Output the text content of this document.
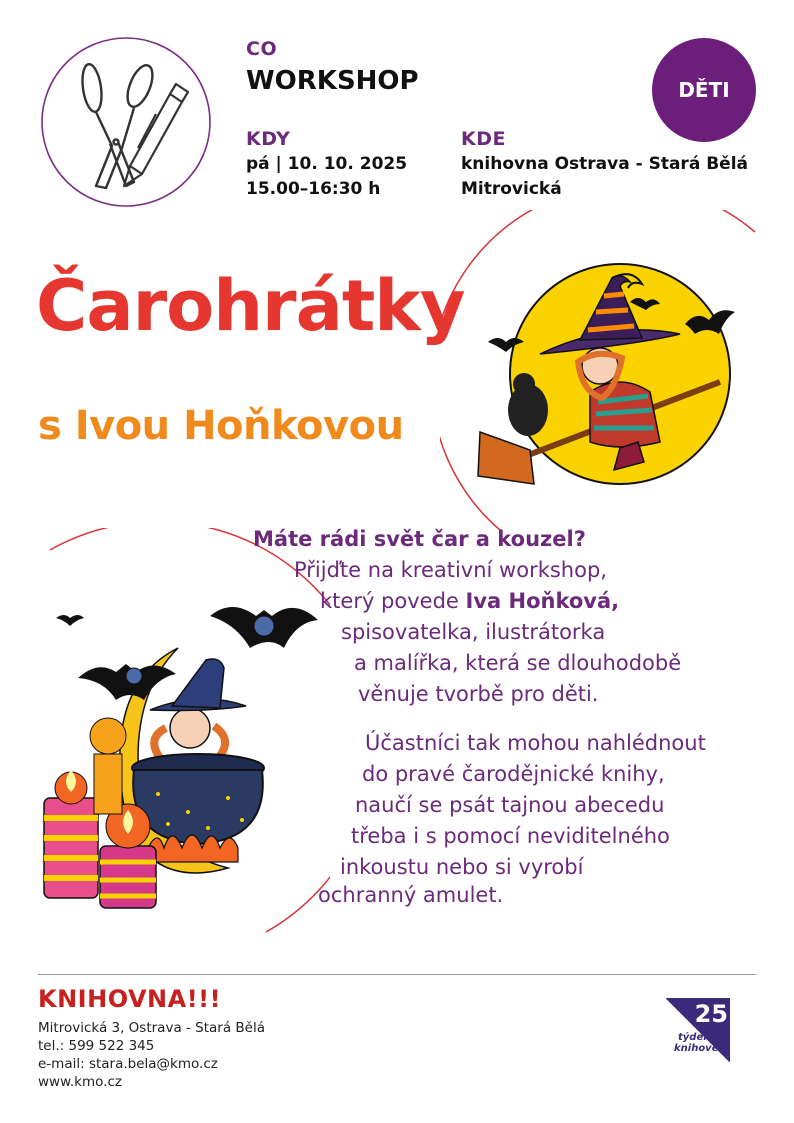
CO
WORKSHOP
KDY
pá | 10. 10. 2025
15.00–16:30 h
KDE
knihovna Ostrava - Stará Bělá
Mitrovická
DĚTI
Čarohrátky
s Ivou Hoňkovou
Máte rádi svět čar a kouzel?
Přijďte na kreativní workshop,
který povede Iva Hoňková,
spisovatelka, ilustrátorka
a malířka, která se dlouhodobě
věnuje tvorbě pro děti.
Účastníci tak mohou nahlédnout
do pravé čarodějnické knihy,
naučí se psát tajnou abecedu
třeba i s pomocí neviditelného
inkoustu nebo si vyrobí
ochranný amulet.
KNIHOVNA!!!
Mitrovická 3, Ostrava - Stará Bělá
tel.: 599 522 345
e-mail: stara.bela@kmo.cz
www.kmo.cz
25
týden
knihoven
